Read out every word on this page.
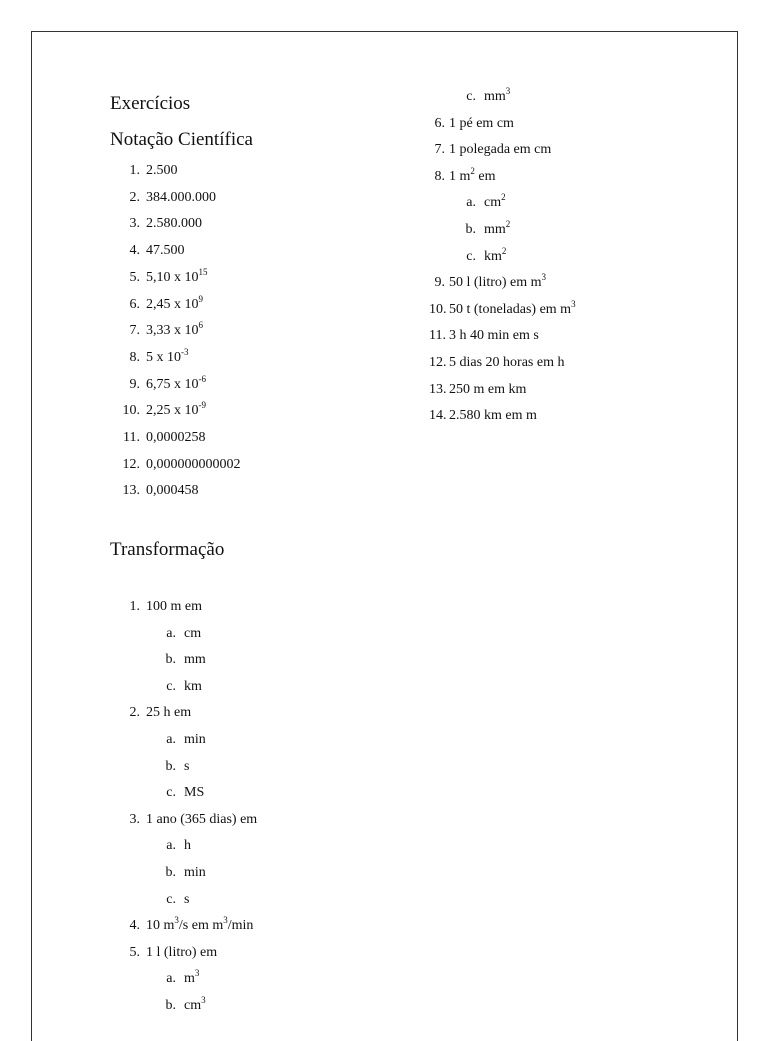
Exercícios
Notação Científica
Transformação
1. 2.500
2. 384.000.000
3. 2.580.000
4. 47.500
5. 5,10 x $10^{15}$
6. 2,45 x $10^9$
7. 3,33 x $10^6$
8. 5 x $10^{-3}$
9. 6,75 x $10^{-6}$
10. 2,25 x $10^{-9}$
11. 0,0000258
12. 0,000000000002
13. 0,000458
1. 100 m em
a. cm
b. mm
c. km
2. 25 h em
a. min
b. s
c. MS
3. 1 ano (365 dias) em
a. h
b. min
c. s
4. 10 $m^3/s$ em $m^3/\min$
5. 1 l (litro) em
a. $m^3$
b. $cm^3$
c. $mm^3$
6. 1 pé em cm
7. 1 polegada em cm
8. 1 $m^2$ em
a. $cm^2$
b. $mm^2$
c. $km^2$
9. 50 l (litro) em $m^3$
10. 50 t (toneladas) em $m^3$
11. 3 h 40 min em s
12. 5 dias 20 horas em h
13. 250 m em km
14. 2.580 km em m
